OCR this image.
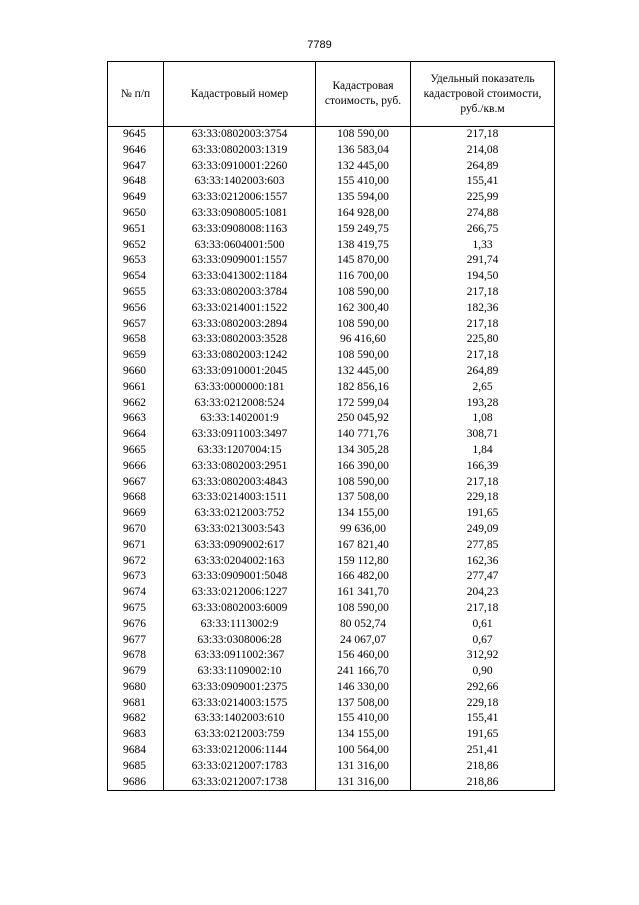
7789
№ п/п	Кадастровый номер	Кадастровая стоимость, руб.	Удельный показатель кадастровой стоимости, руб./кв.м
9645	63:33:0802003:3754	108 590,00	217,18
9646	63:33:0802003:1319	136 583,04	214,08
9647	63:33:0910001:2260	132 445,00	264,89
9648	63:33:1402003:603	155 410,00	155,41
9649	63:33:0212006:1557	135 594,00	225,99
9650	63:33:0908005:1081	164 928,00	274,88
9651	63:33:0908008:1163	159 249,75	266,75
9652	63:33:0604001:500	138 419,75	1,33
9653	63:33:0909001:1557	145 870,00	291,74
9654	63:33:0413002:1184	116 700,00	194,50
9655	63:33:0802003:3784	108 590,00	217,18
9656	63:33:0214001:1522	162 300,40	182,36
9657	63:33:0802003:2894	108 590,00	217,18
9658	63:33:0802003:3528	96 416,60	225,80
9659	63:33:0802003:1242	108 590,00	217,18
9660	63:33:0910001:2045	132 445,00	264,89
9661	63:33:0000000:181	182 856,16	2,65
9662	63:33:0212008:524	172 599,04	193,28
9663	63:33:1402001:9	250 045,92	1,08
9664	63:33:0911003:3497	140 771,76	308,71
9665	63:33:1207004:15	134 305,28	1,84
9666	63:33:0802003:2951	166 390,00	166,39
9667	63:33:0802003:4843	108 590,00	217,18
9668	63:33:0214003:1511	137 508,00	229,18
9669	63:33:0212003:752	134 155,00	191,65
9670	63:33:0213003:543	99 636,00	249,09
9671	63:33:0909002:617	167 821,40	277,85
9672	63:33:0204002:163	159 112,80	162,36
9673	63:33:0909001:5048	166 482,00	277,47
9674	63:33:0212006:1227	161 341,70	204,23
9675	63:33:0802003:6009	108 590,00	217,18
9676	63:33:1113002:9	80 052,74	0,61
9677	63:33:0308006:28	24 067,07	0,67
9678	63:33:0911002:367	156 460,00	312,92
9679	63:33:1109002:10	241 166,70	0,90
9680	63:33:0909001:2375	146 330,00	292,66
9681	63:33:0214003:1575	137 508,00	229,18
9682	63:33:1402003:610	155 410,00	155,41
9683	63:33:0212003:759	134 155,00	191,65
9684	63:33:0212006:1144	100 564,00	251,41
9685	63:33:0212007:1783	131 316,00	218,86
9686	63:33:0212007:1738	131 316,00	218,86
